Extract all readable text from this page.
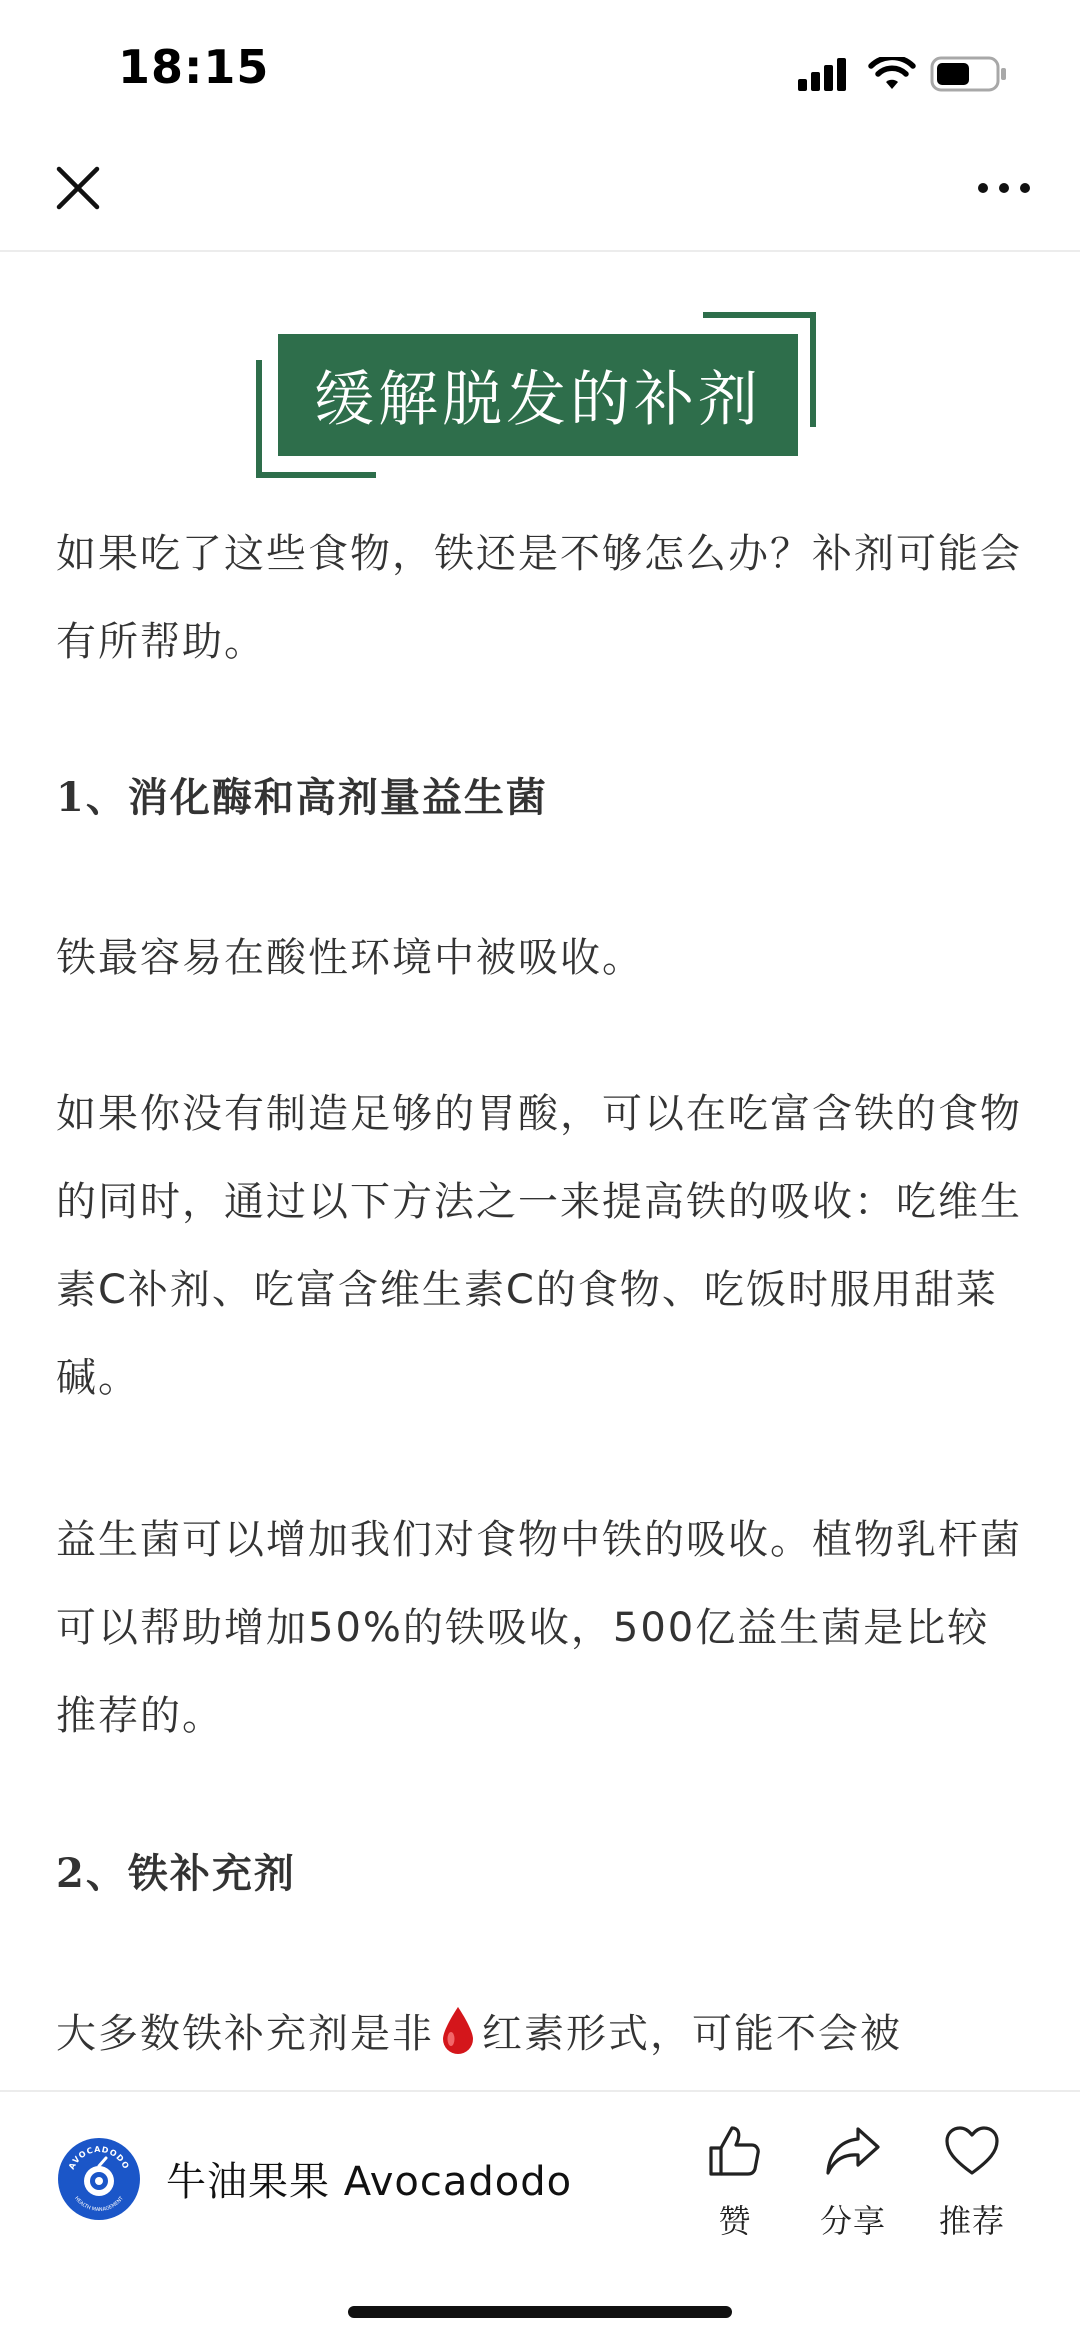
18:15
缓解脱发的补剂

如果吃了这些食物，铁还是不够怎么办？补剂可能会有所帮助。

1、消化酶和高剂量益生菌

铁最容易在酸性环境中被吸收。

如果你没有制造足够的胃酸，可以在吃富含铁的食物的同时，通过以下方法之一来提高铁的吸收：吃维生素C补剂、吃富含维生素C的食物、吃饭时服用甜菜碱。

益生菌可以增加我们对食物中铁的吸收。植物乳杆菌可以帮助增加50%的铁吸收，500亿益生菌是比较推荐的。

2、铁补充剂

大多数铁补充剂是非 红素形式，可能不会被

AVOCADODO
HEALTH MANAGEMENT 牛油果果 Avocadodo
赞	分享	推荐
